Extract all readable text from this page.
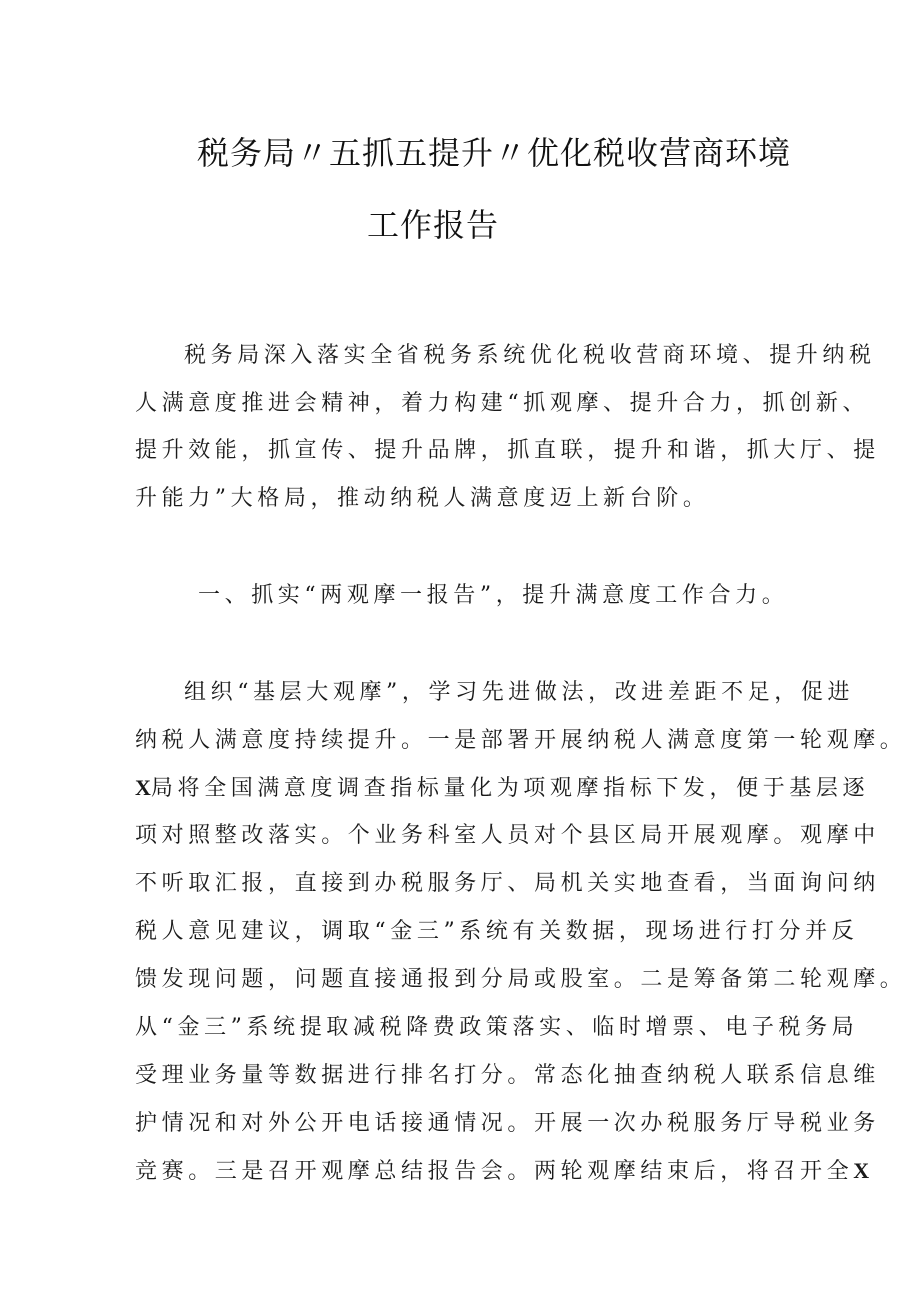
税务局〃五抓五提升〃优化税收营商环境
工作报告
税务局深入落实全省税务系统优化税收营商环境、提升纳税
人满意度推进会精神，着力构建“抓观摩、提升合力，抓创新、
提升效能，抓宣传、提升品牌，抓直联，提升和谐，抓大厅、提
升能力”大格局，推动纳税人满意度迈上新台阶。
一、抓实“两观摩一报告”，提升满意度工作合力。
组织“基层大观摩”，学习先进做法，改进差距不足，促进
纳税人满意度持续提升。一是部署开展纳税人满意度第一轮观摩。
X局将全国满意度调查指标量化为项观摩指标下发，便于基层逐
项对照整改落实。个业务科室人员对个县区局开展观摩。观摩中
不听取汇报，直接到办税服务厅、局机关实地查看，当面询问纳
税人意见建议，调取“金三”系统有关数据，现场进行打分并反
馈发现问题，问题直接通报到分局或股室。二是筹备第二轮观摩。
从“金三”系统提取减税降费政策落实、临时增票、电子税务局
受理业务量等数据进行排名打分。常态化抽查纳税人联系信息维
护情况和对外公开电话接通情况。开展一次办税服务厅导税业务
竞赛。三是召开观摩总结报告会。两轮观摩结束后，将召开全X
